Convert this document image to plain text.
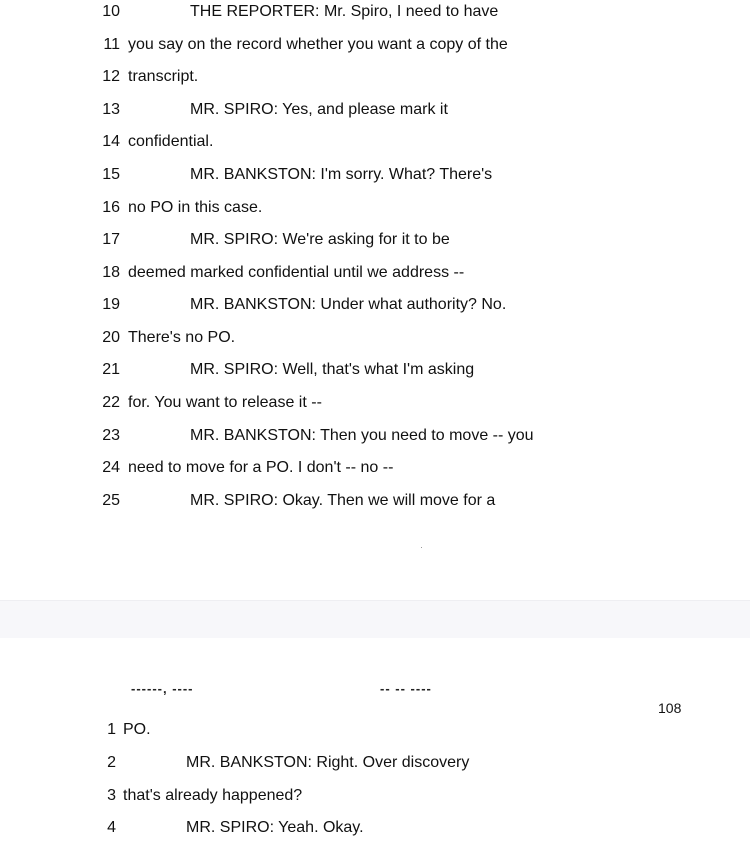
10	THE REPORTER: Mr. Spiro, I need to have
11 you say on the record whether you want a copy of the
12 transcript.
13	MR. SPIRO: Yes, and please mark it
14 confidential.
15	MR. BANKSTON: I'm sorry. What? There's
16 no PO in this case.
17	MR. SPIRO: We're asking for it to be
18 deemed marked confidential until we address --
19	MR. BANKSTON: Under what authority? No.
20 There's no PO.
21	MR. SPIRO: Well, that's what I'm asking
22 for. You want to release it --
23	MR. BANKSTON: Then you need to move -- you
24 need to move for a PO. I don't -- no --
25	MR. SPIRO: Okay. Then we will move for a
------, ----	-- -- ----
108
1 PO.
2	MR. BANKSTON: Right. Over discovery
3 that's already happened?
4	MR. SPIRO: Yeah. Okay.
